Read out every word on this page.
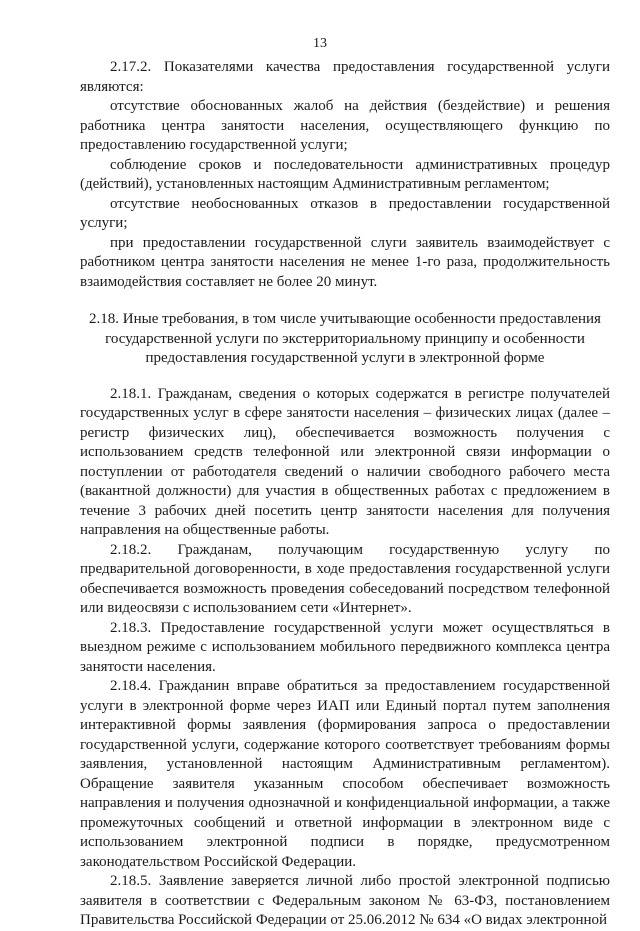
13

2.17.2. Показателями качества предоставления государственной услуги являются:

отсутствие обоснованных жалоб на действия (бездействие) и решения работника центра занятости населения, осуществляющего функцию по предоставлению государственной услуги;

соблюдение сроков и последовательности административных процедур (действий), установленных настоящим Административным регламентом;

отсутствие необоснованных отказов в предоставлении государственной услуги;

при предоставлении государственной слуги заявитель взаимодействует с работником центра занятости населения не менее 1-го раза, продолжительность взаимодействия составляет не более 20 минут.

2.18. Иные требования, в том числе учитывающие особенности предоставления государственной услуги по экстерриториальному принципу и особенности предоставления государственной услуги в электронной форме

2.18.1. Гражданам, сведения о которых содержатся в регистре получателей государственных услуг в сфере занятости населения – физических лицах (далее – регистр физических лиц), обеспечивается возможность получения с использованием средств телефонной или электронной связи информации о поступлении от работодателя сведений о наличии свободного рабочего места (вакантной должности) для участия в общественных работах с предложением в течение 3 рабочих дней посетить центр занятости населения для получения направления на общественные работы.

2.18.2. Гражданам, получающим государственную услугу по предварительной договоренности, в ходе предоставления государственной услуги обеспечивается возможность проведения собеседований посредством телефонной или видеосвязи с использованием сети «Интернет».

2.18.3. Предоставление государственной услуги может осуществляться в выездном режиме с использованием мобильного передвижного комплекса центра занятости населения.

2.18.4. Гражданин вправе обратиться за предоставлением государственной услуги в электронной форме через ИАП или Единый портал путем заполнения интерактивной формы заявления (формирования запроса о предоставлении государственной услуги, содержание которого соответствует требованиям формы заявления, установленной настоящим Административным регламентом). Обращение заявителя указанным способом обеспечивает возможность направления и получения однозначной и конфиденциальной информации, а также промежуточных сообщений и ответной информации в электронном виде с использованием электронной подписи в порядке, предусмотренном законодательством Российской Федерации.

2.18.5. Заявление заверяется личной либо простой электронной подписью заявителя в соответствии с Федеральным законом № 63-ФЗ, постановлением Правительства Российской Федерации от 25.06.2012 № 634 «О видах электронной
